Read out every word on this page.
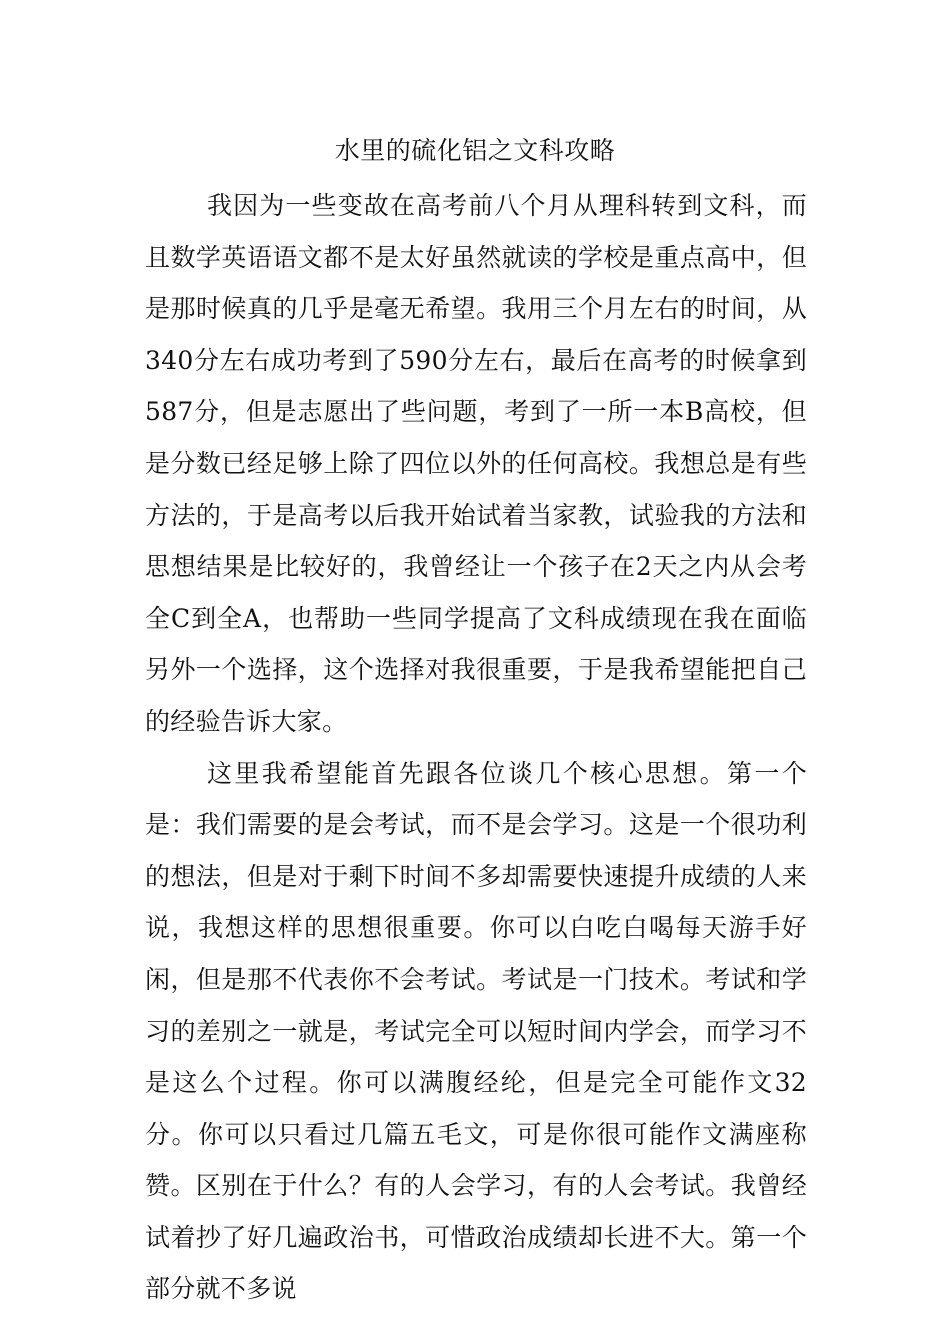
水里的硫化铝之文科攻略

我因为一些变故在高考前八个月从理科转到文科，而且数学英语语文都不是太好虽然就读的学校是重点高中，但是那时候真的几乎是毫无希望。我用三个月左右的时间，从340分左右成功考到了590分左右，最后在高考的时候拿到587分，但是志愿出了些问题，考到了一所一本B高校，但是分数已经足够上除了四位以外的任何高校。我想总是有些方法的，于是高考以后我开始试着当家教，试验我的方法和思想结果是比较好的，我曾经让一个孩子在2天之内从会考全C到全A，也帮助一些同学提高了文科成绩现在我在面临另外一个选择，这个选择对我很重要，于是我希望能把自己的经验告诉大家。

这里我希望能首先跟各位谈几个核心思想。第一个是：我们需要的是会考试，而不是会学习。这是一个很功利的想法，但是对于剩下时间不多却需要快速提升成绩的人来说，我想这样的思想很重要。你可以白吃白喝每天游手好闲，但是那不代表你不会考试。考试是一门技术。考试和学习的差别之一就是，考试完全可以短时间内学会，而学习不是这么个过程。你可以满腹经纶，但是完全可能作文32分。你可以只看过几篇五毛文，可是你很可能作文满座称赞。区别在于什么？有的人会学习，有的人会考试。我曾经试着抄了好几遍政治书，可惜政治成绩却长进不大。第一个部分就不多说
